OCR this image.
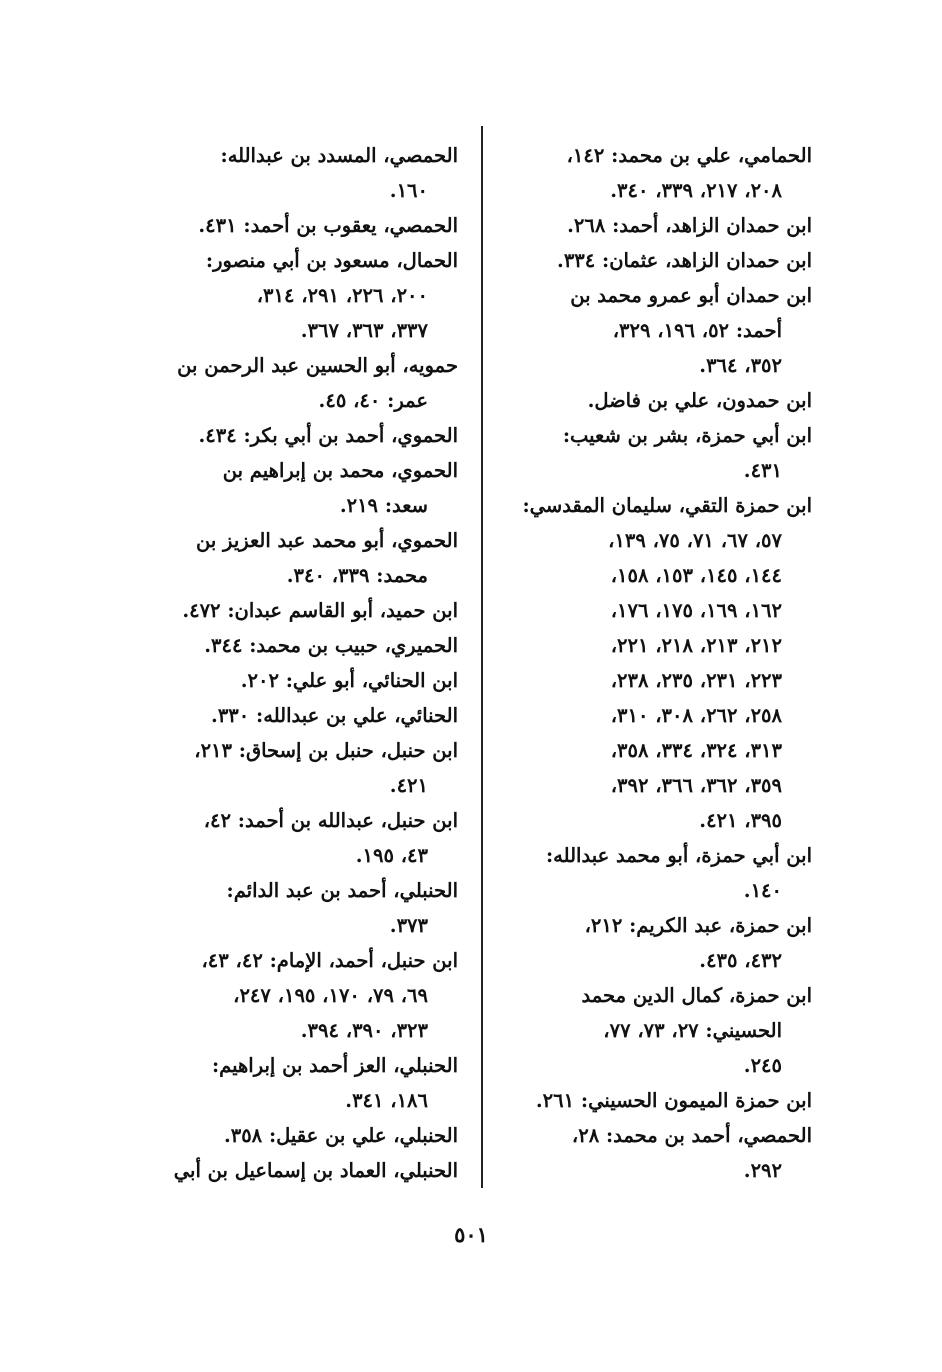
الحمامي، علي بن محمد: ١٤٢،
٢٠٨، ٢١٧، ٣٣٩، ٣٤٠.
ابن حمدان الزاهد، أحمد: ٢٦٨.
ابن حمدان الزاهد، عثمان: ٣٣٤.
ابن حمدان أبو عمرو محمد بن
أحمد: ٥٢، ١٩٦، ٣٢٩،
٣٥٢، ٣٦٤.
ابن حمدون، علي بن فاضل.
ابن أبي حمزة، بشر بن شعيب:
٤٣١.
ابن حمزة التقي، سليمان المقدسي:
٥٧، ٦٧، ٧١، ٧٥، ١٣٩،
١٤٤، ١٤٥، ١٥٣، ١٥٨،
١٦٢، ١٦٩، ١٧٥، ١٧٦،
٢١٢، ٢١٣، ٢١٨، ٢٢١،
٢٢٣، ٢٣١، ٢٣٥، ٢٣٨،
٢٥٨، ٢٦٢، ٣٠٨، ٣١٠،
٣١٣، ٣٢٤، ٣٣٤، ٣٥٨،
٣٥٩، ٣٦٢، ٣٦٦، ٣٩٢،
٣٩٥، ٤٢١.
ابن أبي حمزة، أبو محمد عبدالله:
١٤٠.
ابن حمزة، عبد الكريم: ٢١٢،
٤٣٢، ٤٣٥.
ابن حمزة، كمال الدين محمد
الحسيني: ٢٧، ٧٣، ٧٧،
٢٤٥.
ابن حمزة الميمون الحسيني: ٢٦١.
الحمصي، أحمد بن محمد: ٢٨،
٢٩٢.
الحمصي، المسدد بن عبدالله:
١٦٠.
الحمصي، يعقوب بن أحمد: ٤٣١.
الحمال، مسعود بن أبي منصور:
٢٠٠، ٢٢٦، ٢٩١، ٣١٤،
٣٣٧، ٣٦٣، ٣٦٧.
حمويه، أبو الحسين عبد الرحمن بن
عمر: ٤٠، ٤٥.
الحموي، أحمد بن أبي بكر: ٤٣٤.
الحموي، محمد بن إبراهيم بن
سعد: ٢١٩.
الحموي، أبو محمد عبد العزيز بن
محمد: ٣٣٩، ٣٤٠.
ابن حميد، أبو القاسم عبدان: ٤٧٢.
الحميري، حبيب بن محمد: ٣٤٤.
ابن الحنائي، أبو علي: ٢٠٢.
الحنائي، علي بن عبدالله: ٣٣٠.
ابن حنبل، حنبل بن إسحاق: ٢١٣،
٤٢١.
ابن حنبل، عبدالله بن أحمد: ٤٢،
٤٣، ١٩٥.
الحنبلي، أحمد بن عبد الدائم:
٣٧٣.
ابن حنبل، أحمد، الإمام: ٤٢، ٤٣،
٦٩، ٧٩، ١٧٠، ١٩٥، ٢٤٧،
٣٢٣، ٣٩٠، ٣٩٤.
الحنبلي، العز أحمد بن إبراهيم:
١٨٦، ٣٤١.
الحنبلي، علي بن عقيل: ٣٥٨.
الحنبلي، العماد بن إسماعيل بن أبي
٥٠١
